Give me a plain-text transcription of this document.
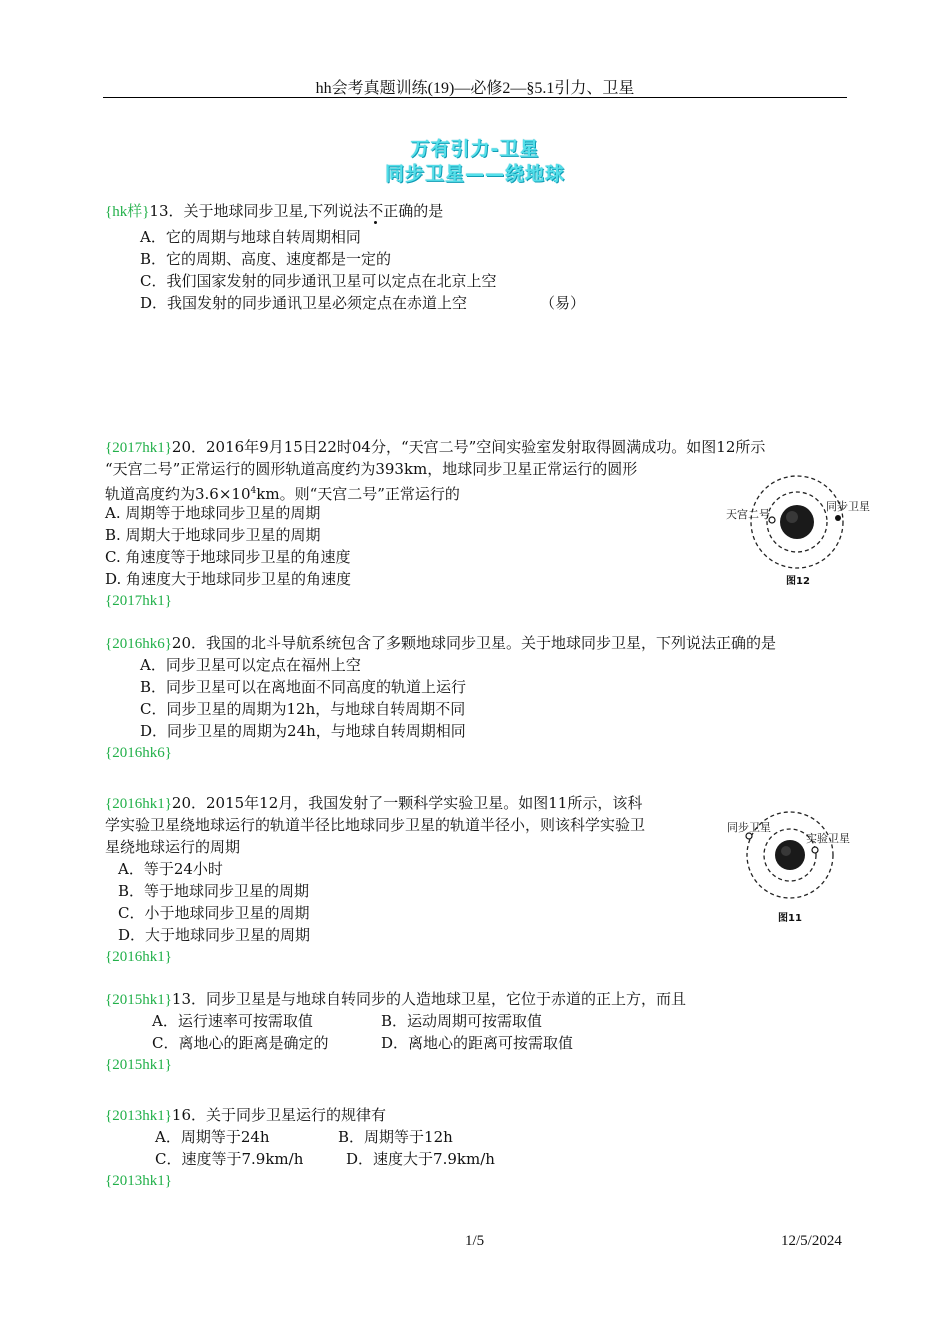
hh会考真题训练(19)—必修2—§5.1引力、卫星
万有引力-卫星
同步卫星——绕地球
{hk样}13．关于地球同步卫星,下列说法不
正确的是
A．它的周期与地球自转周期相同
B．它的周期、高度、速度都是一定的
C．我们国家发射的同步通讯卫星可以定点在北京上空
D．我国发射的同步通讯卫星必须定点在赤道上空	（易）
{2017hk1}20．2016年9月15日22时04分，“天宫二号”空间实验室发射取得圆满成功。如图12所示
“天宫二号”正常运行的圆形轨道高度约为393km，地球同步卫星正常运行的圆形
轨道高度约为$3.6\times 10^4km$。则“天宫二号”正常运行的
A. 周期等于地球同步卫星的周期
B. 周期大于地球同步卫星的周期
C. 角速度等于地球同步卫星的角速度
D. 角速度大于地球同步卫星的角速度
{2017hk1}
天宫二号
同步卫星
图12
{2016hk6}20．我国的北斗导航系统包含了多颗地球同步卫星。关于地球同步卫星，下列说法正确的是
A．同步卫星可以定点在福州上空
B．同步卫星可以在离地面不同高度的轨道上运行
C．同步卫星的周期为12h，与地球自转周期不同
D．同步卫星的周期为24h，与地球自转周期相同
{2016hk6}
{2016hk1}20．2015年12月，我国发射了一颗科学实验卫星。如图11所示，该科
学实验卫星绕地球运行的轨道半径比地球同步卫星的轨道半径小，则该科学实验卫
星绕地球运行的周期
A．等于24小时
B．等于地球同步卫星的周期
C．小于地球同步卫星的周期
D．大于地球同步卫星的周期
{2016hk1}
同步卫星
实验卫星
图11
{2015hk1}13．同步卫星是与地球自转同步的人造地球卫星，它位于赤道的正上方，而且
A．运行速率可按需取值	B．运动周期可按需取值
C．离地心的距离是确定的	D．离地心的距离可按需取值
{2015hk1}
{2013hk1}16．关于同步卫星运行的规律有
A．周期等于24h	B．周期等于12h
C．速度等于7.9km/h	D．速度大于7.9km/h
{2013hk1}
1/5	12/5/2024
